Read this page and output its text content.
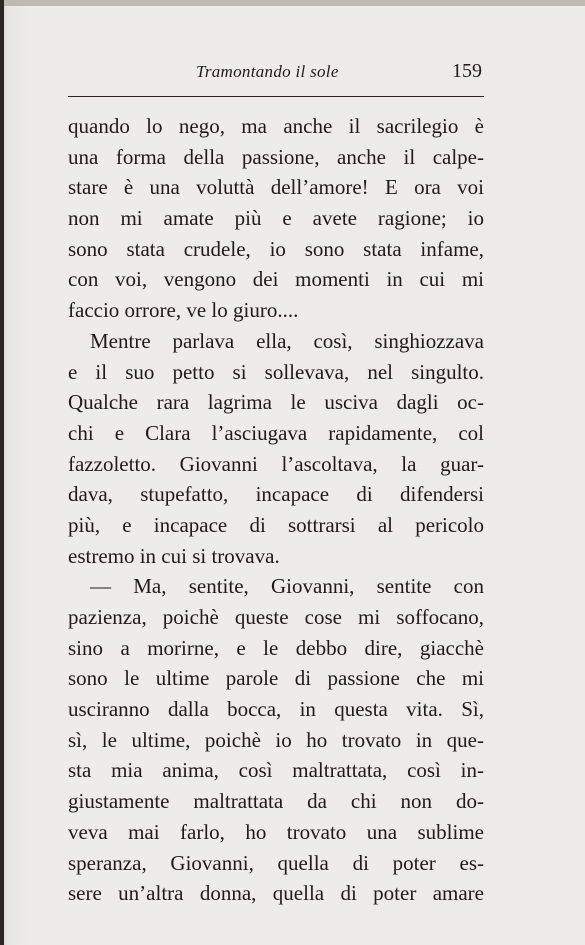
Tramontando il sole	159
quando lo nego, ma anche il sacrilegio è
una forma della passione, anche il calpe-
stare è una voluttà dell’amore! E ora voi
non mi amate più e avete ragione; io
sono stata crudele, io sono stata infame,
con voi, vengono dei momenti in cui mi
faccio orrore, ve lo giuro....
Mentre parlava ella, così, singhiozzava
e il suo petto si sollevava, nel singulto.
Qualche rara lagrima le usciva dagli oc-
chi e Clara l’asciugava rapidamente, col
fazzoletto. Giovanni l’ascoltava, la guar-
dava, stupefatto, incapace di difendersi
più, e incapace di sottrarsi al pericolo
estremo in cui si trovava.
— Ma, sentite, Giovanni, sentite con
pazienza, poichè queste cose mi soffocano,
sino a morirne, e le debbo dire, giacchè
sono le ultime parole di passione che mi
usciranno dalla bocca, in questa vita. Sì,
sì, le ultime, poichè io ho trovato in que-
sta mia anima, così maltrattata, così in-
giustamente maltrattata da chi non do-
veva mai farlo, ho trovato una sublime
speranza, Giovanni, quella di poter es-
sere un’altra donna, quella di poter amare
